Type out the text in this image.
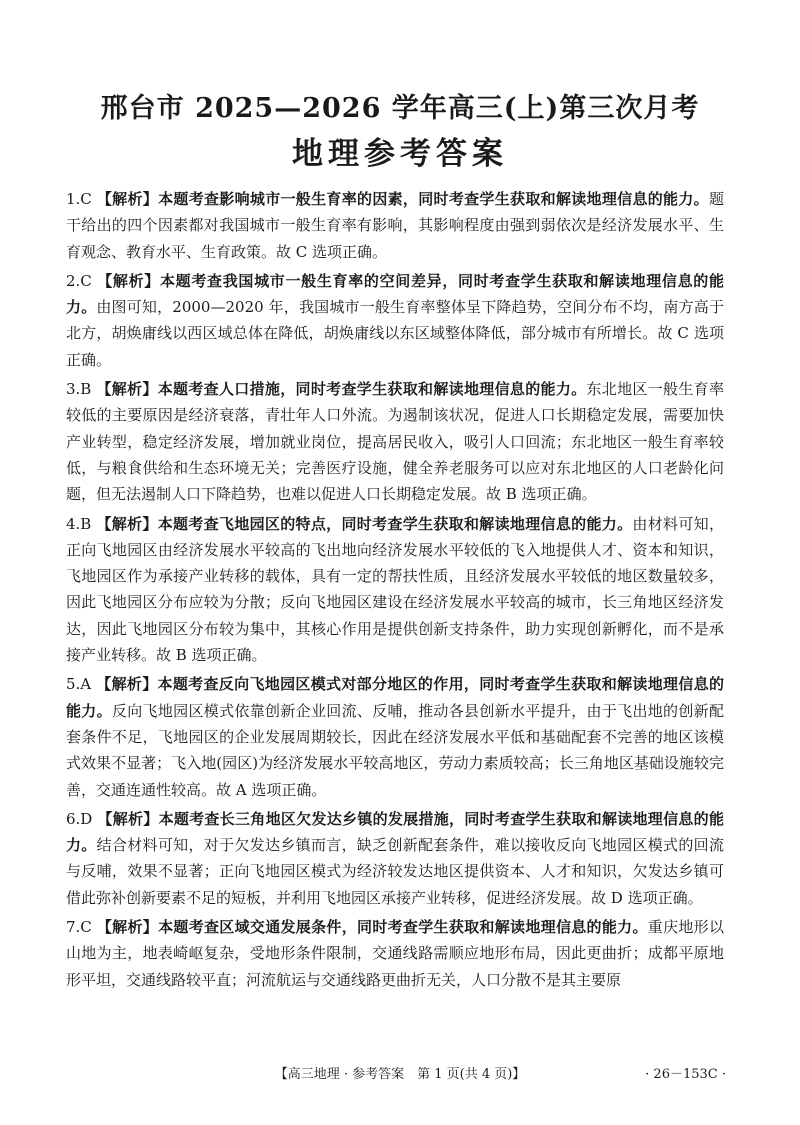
邢台市 2025—2026 学年高三(上)第三次月考
地理参考答案
1.C 【解析】本题考查影响城市一般生育率的因素，同时考查学生获取和解读地理信息的能力。题干给出的四个因素都对我国城市一般生育率有影响，其影响程度由强到弱依次是经济发展水平、生育观念、教育水平、生育政策。故 C 选项正确。
2.C 【解析】本题考查我国城市一般生育率的空间差异，同时考查学生获取和解读地理信息的能力。由图可知，2000—2020 年，我国城市一般生育率整体呈下降趋势，空间分布不均，南方高于北方，胡焕庸线以西区域总体在降低，胡焕庸线以东区域整体降低，部分城市有所增长。故 C 选项正确。
3.B 【解析】本题考查人口措施，同时考查学生获取和解读地理信息的能力。东北地区一般生育率较低的主要原因是经济衰落，青壮年人口外流。为遏制该状况，促进人口长期稳定发展，需要加快产业转型，稳定经济发展，增加就业岗位，提高居民收入，吸引人口回流；东北地区一般生育率较低，与粮食供给和生态环境无关；完善医疗设施，健全养老服务可以应对东北地区的人口老龄化问题，但无法遏制人口下降趋势，也难以促进人口长期稳定发展。故 B 选项正确。
4.B 【解析】本题考查飞地园区的特点，同时考查学生获取和解读地理信息的能力。由材料可知，正向飞地园区由经济发展水平较高的飞出地向经济发展水平较低的飞入地提供人才、资本和知识，飞地园区作为承接产业转移的载体，具有一定的帮扶性质，且经济发展水平较低的地区数量较多，因此飞地园区分布应较为分散；反向飞地园区建设在经济发展水平较高的城市，长三角地区经济发达，因此飞地园区分布较为集中，其核心作用是提供创新支持条件，助力实现创新孵化，而不是承接产业转移。故 B 选项正确。
5.A 【解析】本题考查反向飞地园区模式对部分地区的作用，同时考查学生获取和解读地理信息的能力。反向飞地园区模式依靠创新企业回流、反哺，推动各县创新水平提升，由于飞出地的创新配套条件不足，飞地园区的企业发展周期较长，因此在经济发展水平低和基础配套不完善的地区该模式效果不显著；飞入地(园区)为经济发展水平较高地区，劳动力素质较高；长三角地区基础设施较完善，交通连通性较高。故 A 选项正确。
6.D 【解析】本题考查长三角地区欠发达乡镇的发展措施，同时考查学生获取和解读地理信息的能力。结合材料可知，对于欠发达乡镇而言，缺乏创新配套条件，难以接收反向飞地园区模式的回流与反哺，效果不显著；正向飞地园区模式为经济较发达地区提供资本、人才和知识，欠发达乡镇可借此弥补创新要素不足的短板，并利用飞地园区承接产业转移，促进经济发展。故 D 选项正确。
7.C 【解析】本题考查区域交通发展条件，同时考查学生获取和解读地理信息的能力。重庆地形以山地为主，地表崎岖复杂，受地形条件限制，交通线路需顺应地形布局，因此更曲折；成都平原地形平坦，交通线路较平直；河流航运与交通线路更曲折无关，人口分散不是其主要原
【高三地理 · 参考答案　第 1 页(共 4 页)】	· 26－153C ·
